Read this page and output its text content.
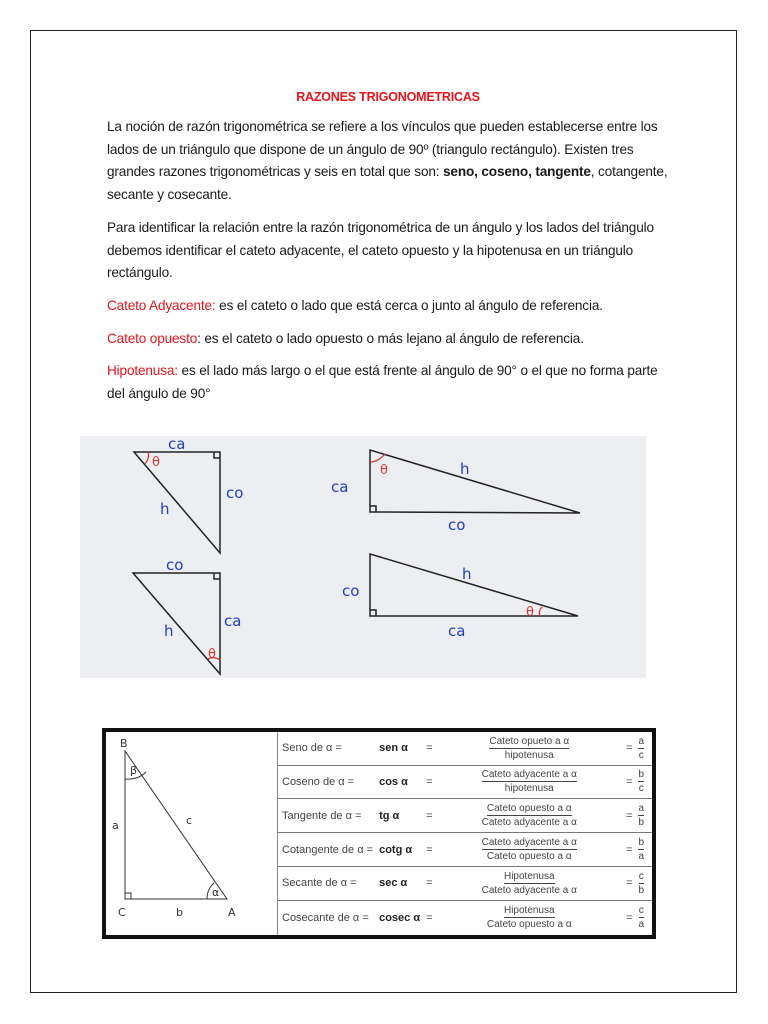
RAZONES TRIGONOMETRICAS

La noción de razón trigonométrica se refiere a los vínculos que pueden establecerse entre los lados de un triángulo que dispone de un ángulo de 90º (triangulo rectángulo). Existen tres grandes razones trigonométricas y seis en total que son: seno, coseno, tangente, cotangente, secante y cosecante.

Para identificar la relación entre la razón trigonométrica de un ángulo y los lados del triángulo debemos identificar el cateto adyacente, el cateto opuesto y la hipotenusa en un triángulo rectángulo.

Cateto Adyacente: es el cateto o lado que está cerca o junto al ángulo de referencia.

Cateto opuesto: es el cateto o lado opuesto o más lejano al ángulo de referencia.

Hipotenusa: es el lado más largo o el que está frente al ángulo de 90° o el que no forma parte del ángulo de 90°

θ
θ
θ
θ
ca
co
h
co
ca
h
ca
h
co
co
h
ca
B
C	A
a
b
c
α
β
Seno de α =	sen α	= $\frac{\text{Cateto opueto a α}}{\text{hipotenusa}} = \frac{a}{c}$
Coseno de α =	cos α	= $\frac{\text{Cateto adyacente a α}}{\text{hipotenusa}} = \frac{b}{c}$
Tangente de α =	tg α	= $\frac{\text{Cateto opuesto a α}}{\text{Cateto adyacente a α}} = \frac{a}{b}$
Cotangente de α = cotg α	= $\frac{\text{Cateto adyacente a α}}{\text{Cateto opuesto a α}} = \frac{b}{a}$
Secante de α =	sec α	= $\frac{\text{Hipotenusa}}{\text{Cateto adyacente a α}} = \frac{c}{b}$
Cosecante de α = cosec $\alpha = \frac{\text{Hipotenusa}}{\text{Cateto opuesto a α}} = \frac{c}{a}$
